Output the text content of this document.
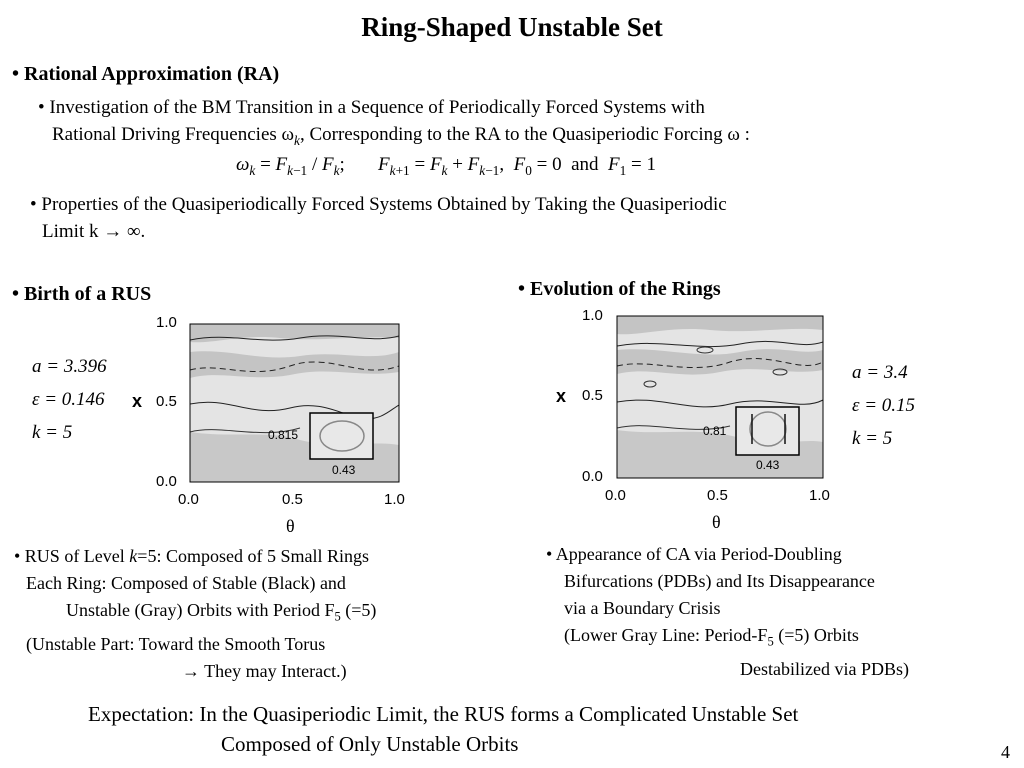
Ring-Shaped Unstable Set
• Rational Approximation (RA)
• Investigation of the BM Transition in a Sequence of Periodically Forced Systems with
Rational Driving Frequencies $\omega_k$, Corresponding to the RA to the Quasiperiodic Forcing ω :
$\omega_k = F_{k-1} / F_k$;       $F_{k+1} = F_k + F_{k-1}$,  $F_0 = 0$  and  $F_1 = 1$
• Properties of the Quasiperiodically Forced Systems Obtained by Taking the Quasiperiodic
Limit k → ∞.
• Birth of a RUS
a = 3.396
ε = 0.146
k = 5
1.0
0.5
0.0
x
0.0	0.5	1.0
θ
0.815
0.43
• Evolution of the Rings
a = 3.4
ε = 0.15
k = 5
1.0
0.5
0.0
x
0.0	0.5	1.0
θ
0.81
0.43
• RUS of Level k=5: Composed of 5 Small Rings
Each Ring: Composed of Stable (Black) and
Unstable (Gray) Orbits with Period $F_5$ (=5)
(Unstable Part: Toward the Smooth Torus
→ They may Interact.)
• Appearance of CA via Period-Doubling
Bifurcations (PDBs) and Its Disappearance
via a Boundary Crisis
(Lower Gray Line: Period-$F_5$ (=5) Orbits
Destabilized via PDBs)
Expectation: In the Quasiperiodic Limit, the RUS forms a Complicated Unstable Set
Composed of Only Unstable Orbits	4
